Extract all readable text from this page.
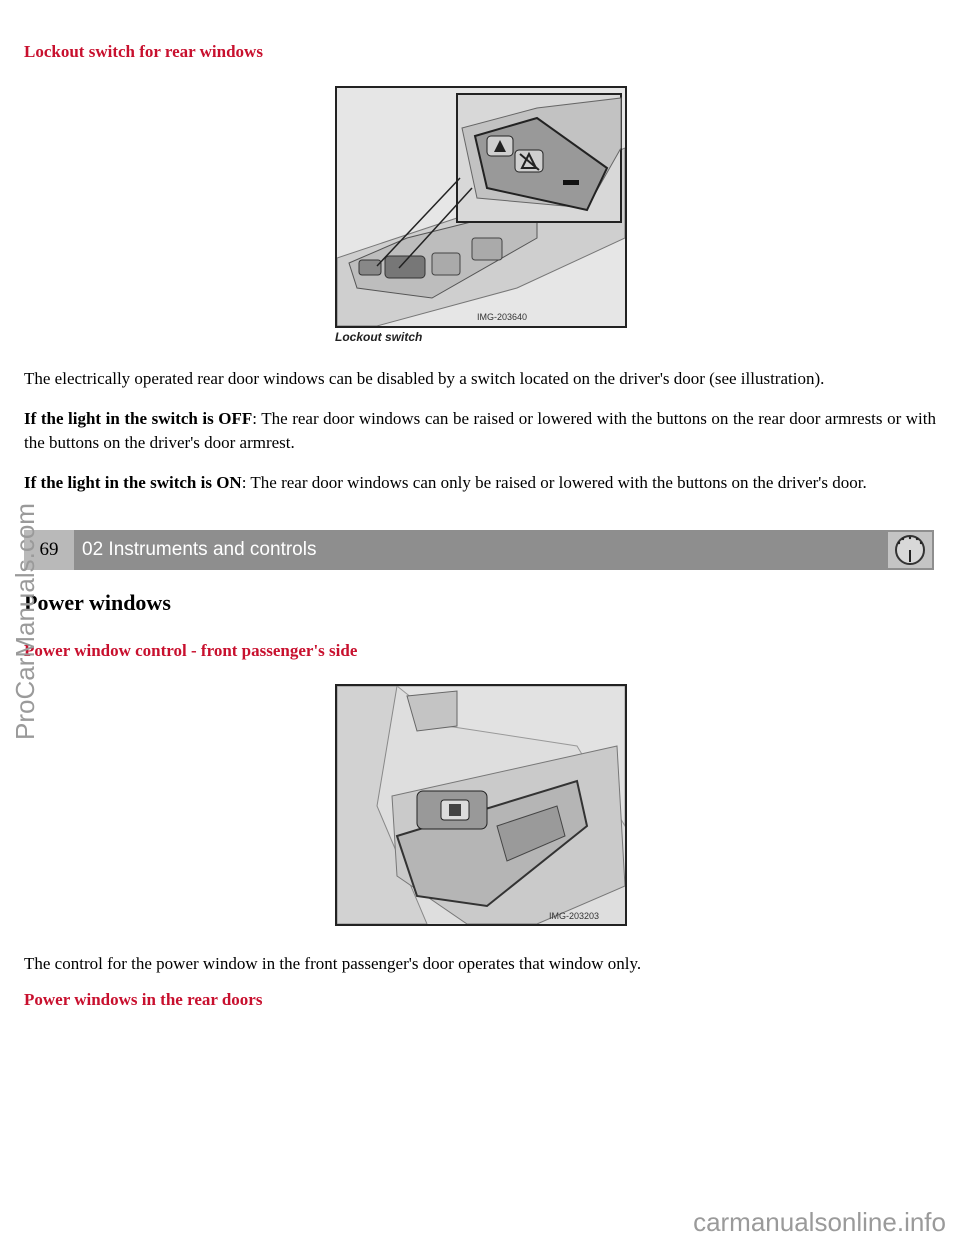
Lockout switch for rear windows
IMG-203640
Lockout switch
The electrically operated rear door windows can be disabled by a switch located on the driver's door (see illustration).
If the light in the switch is OFF: The rear door windows can be raised or lowered with the buttons on the rear door armrests or with the buttons on the driver's door armrest.
If the light in the switch is ON: The rear door windows can only be raised or lowered with the buttons on the driver's door.
69	02 Instruments and controls
Power windows
Power window control - front passenger's side
IMG-203203
The control for the power window in the front passenger's door operates that window only.
Power windows in the rear doors
ProCarManuals.com
carmanualsonline.info
